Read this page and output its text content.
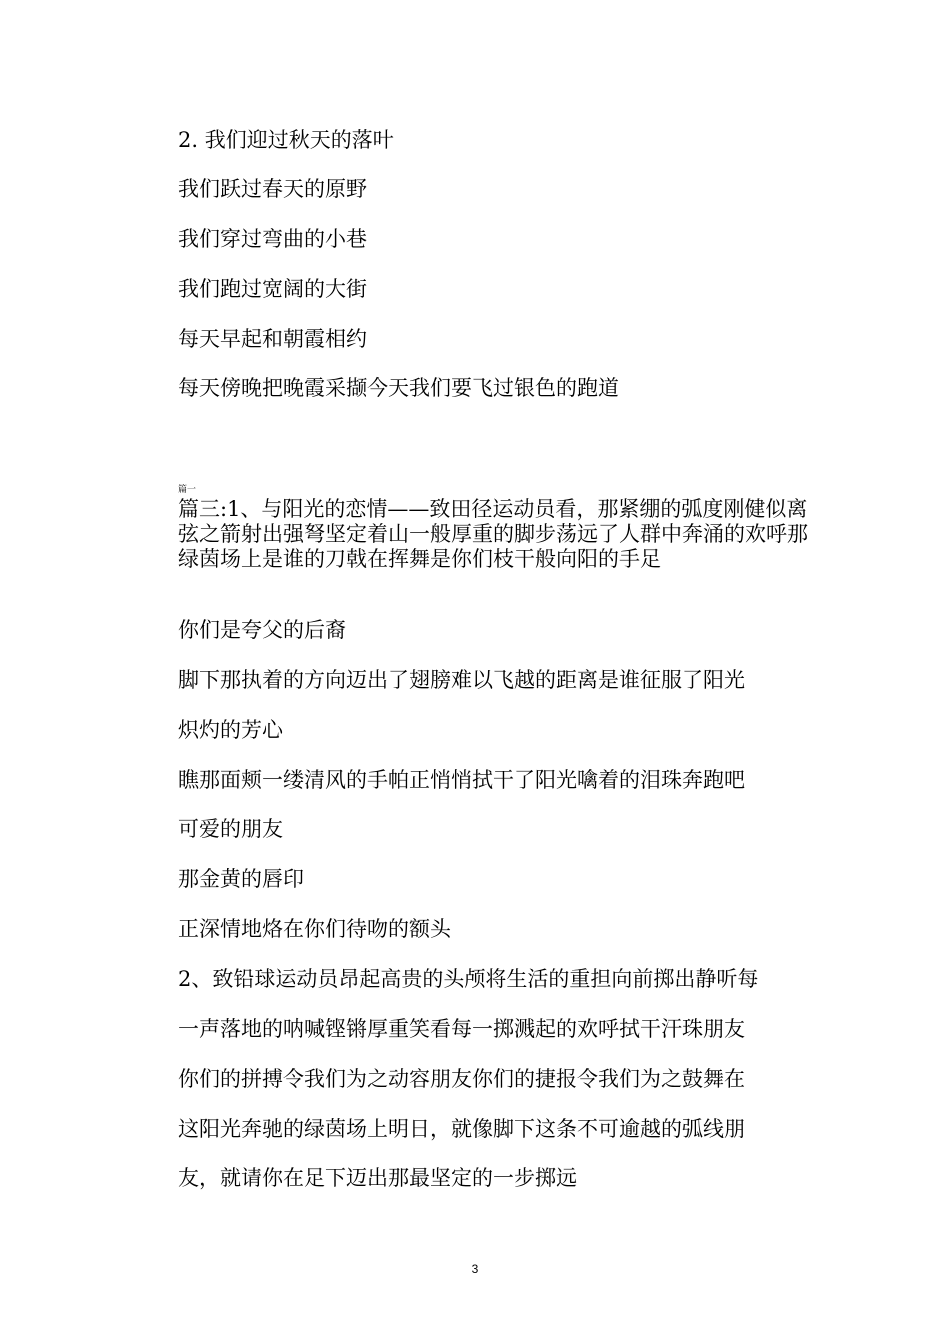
2. 我们迎过秋天的落叶
我们跃过春天的原野
我们穿过弯曲的小巷
我们跑过宽阔的大街
每天早起和朝霞相约
每天傍晚把晚霞采撷今天我们要飞过银色的跑道
篇一
篇三:1、与阳光的恋情——致田径运动员看，那紧绷的弧度刚健似离弦之箭射出强弩坚定着山一般厚重的脚步荡远了人群中奔涌的欢呼那绿茵场上是谁的刀戟在挥舞是你们枝干般向阳的手足
你们是夸父的后裔
脚下那执着的方向迈出了翅膀难以飞越的距离是谁征服了阳光
炽灼的芳心
瞧那面颊一缕清风的手帕正悄悄拭干了阳光噙着的泪珠奔跑吧
可爱的朋友
那金黄的唇印
正深情地烙在你们待吻的额头
2、致铅球运动员昂起高贵的头颅将生活的重担向前掷出静听每
一声落地的呐喊铿锵厚重笑看每一掷溅起的欢呼拭干汗珠朋友
你们的拼搏令我们为之动容朋友你们的捷报令我们为之鼓舞在
这阳光奔驰的绿茵场上明日，就像脚下这条不可逾越的弧线朋
友，就请你在足下迈出那最坚定的一步掷远
3
